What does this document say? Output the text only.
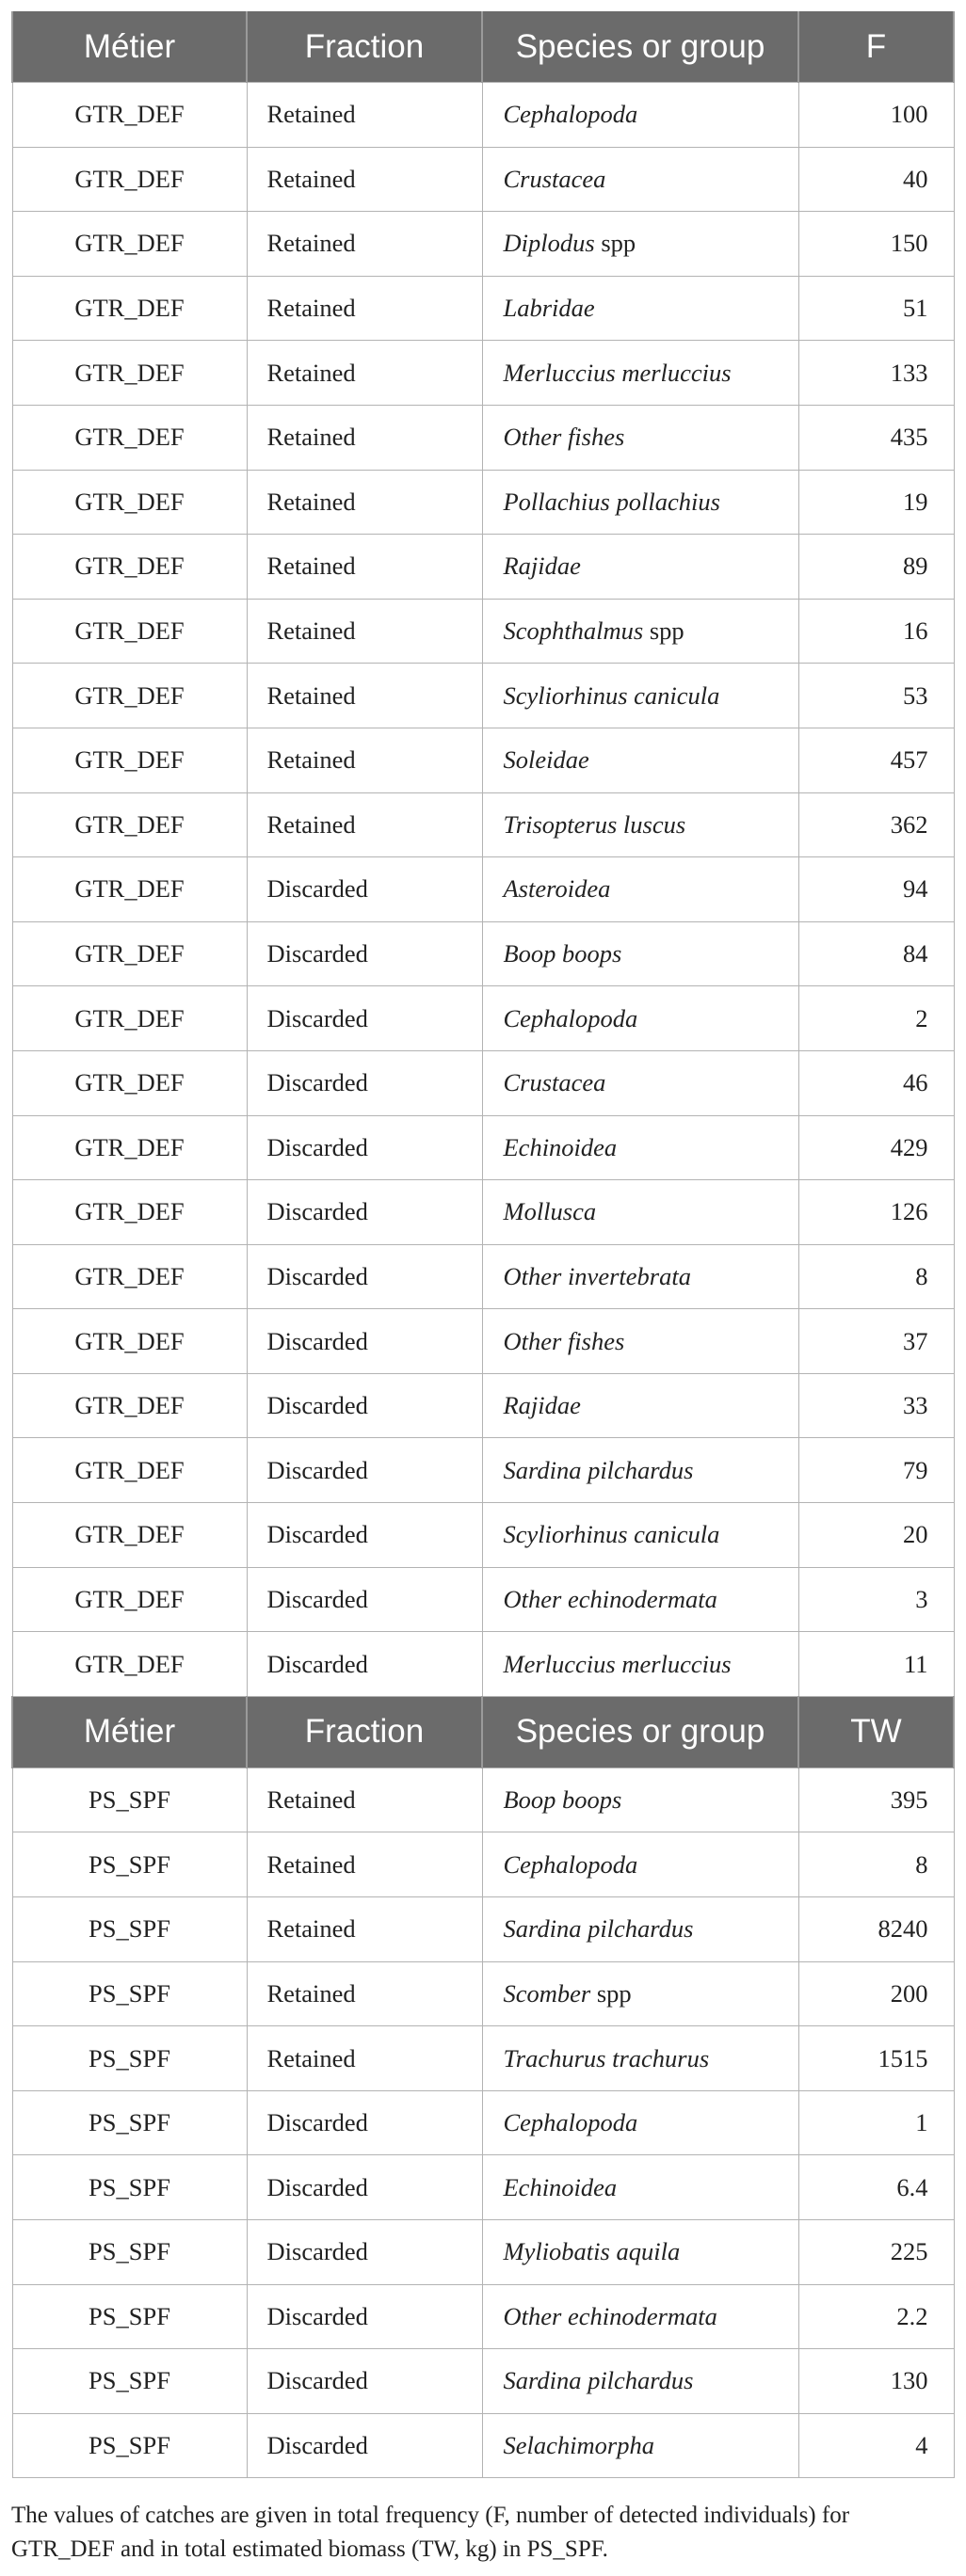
Métier	Fraction	Species or group	F
GTR_DEF	Retained	Cephalopoda	100
GTR_DEF	Retained	Crustacea	40
GTR_DEF	Retained	Diplodus spp	150
GTR_DEF	Retained	Labridae	51
GTR_DEF	Retained	Merluccius merluccius	133
GTR_DEF	Retained	Other fishes	435
GTR_DEF	Retained	Pollachius pollachius	19
GTR_DEF	Retained	Rajidae	89
GTR_DEF	Retained	Scophthalmus spp	16
GTR_DEF	Retained	Scyliorhinus canicula	53
GTR_DEF	Retained	Soleidae	457
GTR_DEF	Retained	Trisopterus luscus	362
GTR_DEF	Discarded	Asteroidea	94
GTR_DEF	Discarded	Boop boops	84
GTR_DEF	Discarded	Cephalopoda	2
GTR_DEF	Discarded	Crustacea	46
GTR_DEF	Discarded	Echinoidea	429
GTR_DEF	Discarded	Mollusca	126
GTR_DEF	Discarded	Other invertebrata	8
GTR_DEF	Discarded	Other fishes	37
GTR_DEF	Discarded	Rajidae	33
GTR_DEF	Discarded	Sardina pilchardus	79
GTR_DEF	Discarded	Scyliorhinus canicula	20
GTR_DEF	Discarded	Other echinodermata	3
GTR_DEF	Discarded	Merluccius merluccius	11
Métier	Fraction	Species or group	TW
PS_SPF	Retained	Boop boops	395
PS_SPF	Retained	Cephalopoda	8
PS_SPF	Retained	Sardina pilchardus	8240
PS_SPF	Retained	Scomber spp	200
PS_SPF	Retained	Trachurus trachurus	1515
PS_SPF	Discarded	Cephalopoda	1
PS_SPF	Discarded	Echinoidea	6.4
PS_SPF	Discarded	Myliobatis aquila	225
PS_SPF	Discarded	Other echinodermata	2.2
PS_SPF	Discarded	Sardina pilchardus	130
PS_SPF	Discarded	Selachimorpha	4
The values of catches are given in total frequency (F, number of detected individuals) for GTR_DEF and in total estimated biomass (TW, kg) in PS_SPF.
